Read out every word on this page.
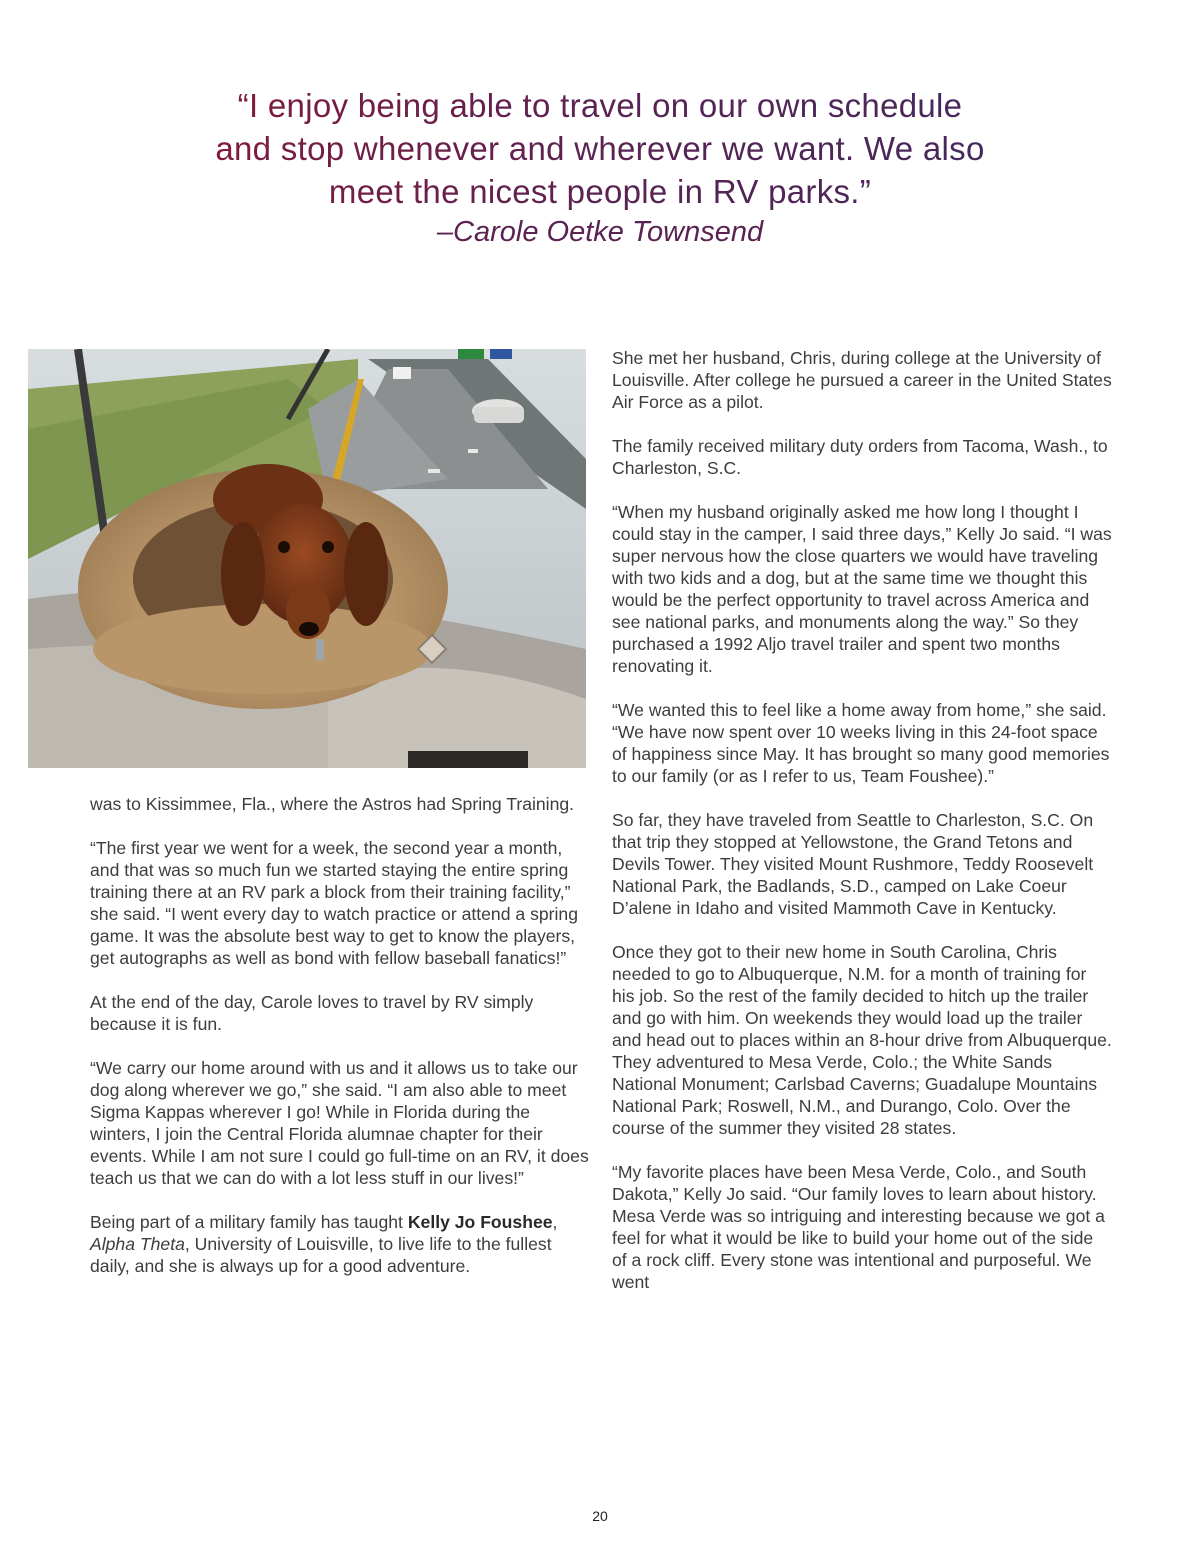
“I enjoy being able to travel on our own schedule
and stop whenever and wherever we want. We also
meet the nicest people in RV parks.”
–Carole Oetke Townsend

was to Kissimmee, Fla., where the Astros had Spring Training.

“The first year we went for a week, the second year a month, and that was so much fun we started staying the entire spring training there at an RV park a block from their training facility,” she said. “I went every day to watch practice or attend a spring game. It was the absolute best way to get to know the players, get autographs as well as bond with fellow baseball fanatics!”

At the end of the day, Carole loves to travel by RV simply because it is fun.

“We carry our home around with us and it allows us to take our dog along wherever we go,” she said. “I am also able to meet Sigma Kappas wherever I go! While in Florida during the winters, I join the Central Florida alumnae chapter for their events. While I am not sure I could go full-time on an RV, it does teach us that we can do with a lot less stuff in our lives!”

Being part of a military family has taught Kelly Jo Foushee, Alpha Theta, University of Louisville, to live life to the fullest daily, and she is always up for a good adventure.

She met her husband, Chris, during college at the University of Louisville. After college he pursued a career in the United States Air Force as a pilot.

The family received military duty orders from Tacoma, Wash., to Charleston, S.C.

“When my husband originally asked me how long I thought I could stay in the camper, I said three days,” Kelly Jo said. “I was super nervous how the close quarters we would have traveling with two kids and a dog, but at the same time we thought this would be the perfect opportunity to travel across America and see national parks, and monuments along the way.” So they purchased a 1992 Aljo travel trailer and spent two months renovating it.

“We wanted this to feel like a home away from home,” she said. “We have now spent over 10 weeks living in this 24-foot space of happiness since May. It has brought so many good memories to our family (or as I refer to us, Team Foushee).”

So far, they have traveled from Seattle to Charleston, S.C. On that trip they stopped at Yellowstone, the Grand Tetons and Devils Tower. They visited Mount Rushmore, Teddy Roosevelt National Park, the Badlands, S.D., camped on Lake Coeur D’alene in Idaho and visited Mammoth Cave in Kentucky.

Once they got to their new home in South Carolina, Chris needed to go to Albuquerque, N.M. for a month of training for his job. So the rest of the family decided to hitch up the trailer and go with him. On weekends they would load up the trailer and head out to places within an 8-hour drive from Albuquerque. They adventured to Mesa Verde, Colo.; the White Sands National Monument; Carlsbad Caverns; Guadalupe Mountains National Park; Roswell, N.M., and Durango, Colo. Over the course of the summer they visited 28 states.

“My favorite places have been Mesa Verde, Colo., and South Dakota,” Kelly Jo said. “Our family loves to learn about history. Mesa Verde was so intriguing and interesting because we got a feel for what it would be like to build your home out of the side of a rock cliff. Every stone was intentional and purposeful. We went

20
